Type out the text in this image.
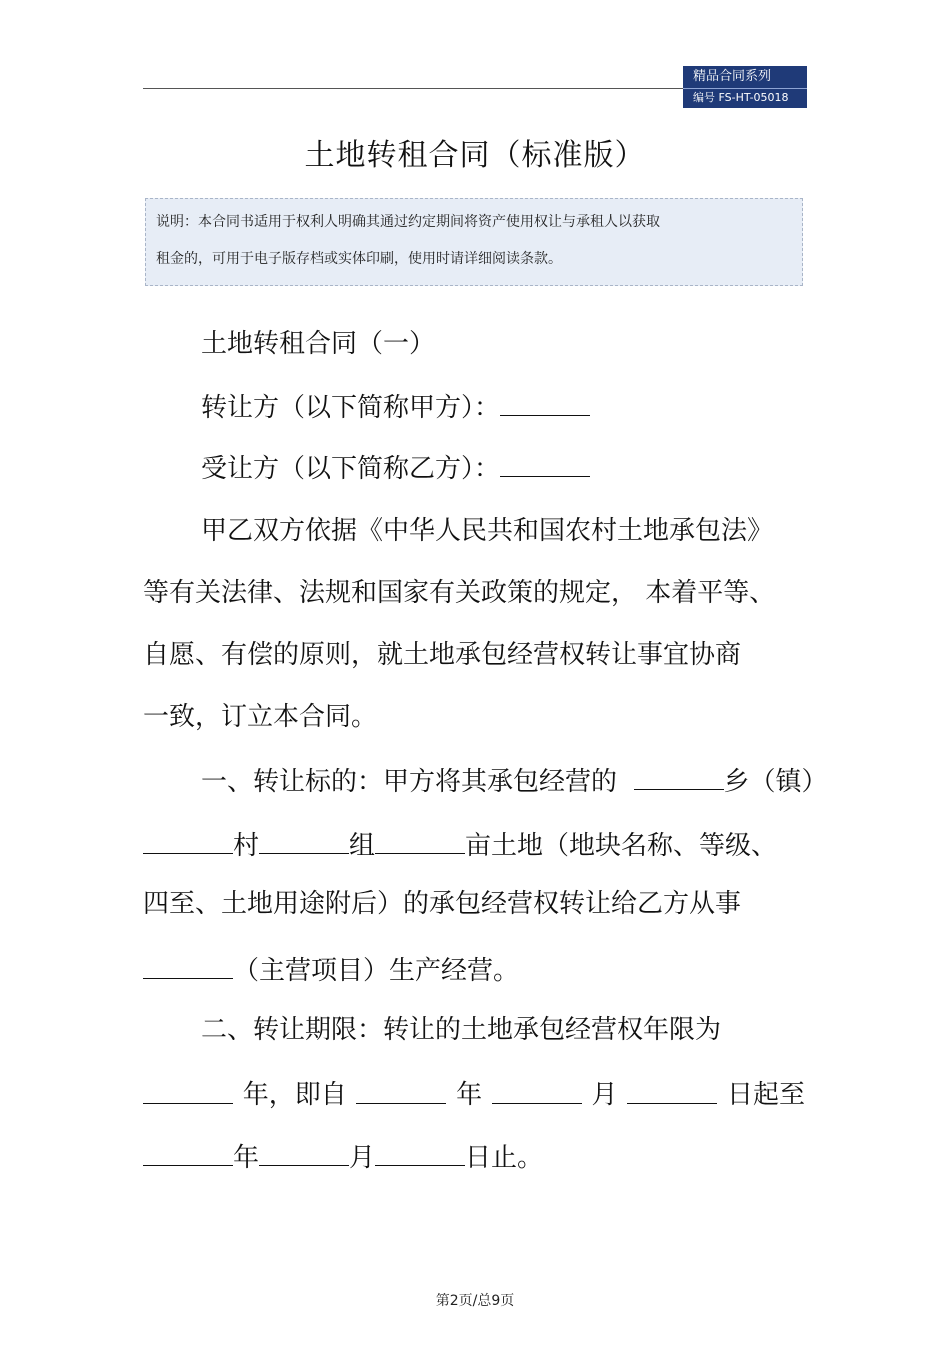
精品合同系列
编号 FS-HT-05018
土地转租合同（标准版）
说明：本合同书适用于权利人明确其通过约定期间将资产使用权让与承租人以获取
租金的，可用于电子版存档或实体印刷，使用时请详细阅读条款。
土地转租合同（一）
转让方（以下简称甲方）：
受让方（以下简称乙方）：
甲乙双方依据《中华人民共和国农村土地承包法》
等有关法律、法规和国家有关政策的规定， 本着平等、
自愿、有偿的原则，就土地承包经营权转让事宜协商
一致，订立本合同。
一、转让标的：甲方将其承包经营的	乡（镇）
村	组	亩土地（地块名称、等级、
四至、土地用途附后）的承包经营权转让给乙方从事
（主营项目）生产经营。
二、转让期限：转让的土地承包经营权年限为
年，即自	年	月	日起至
年	月	日止。
第2页/总9页
